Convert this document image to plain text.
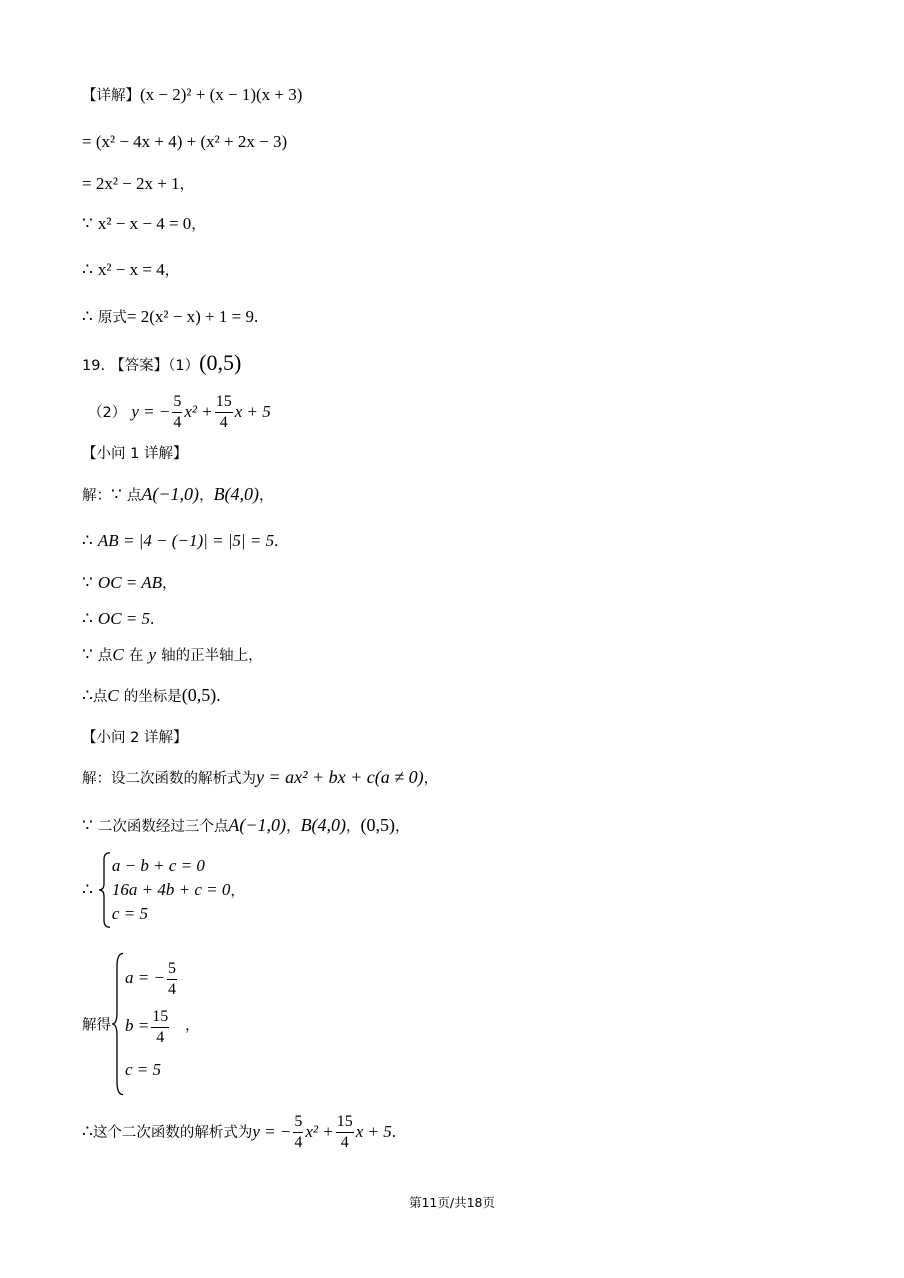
【详解】(x − 2)² + (x − 1)(x + 3)
= (x² − 4x + 4) + (x² + 2x − 3)
= 2x² − 2x + 1，
∵ x² − x − 4 = 0，
∴ x² − x = 4，
∴ 原式= 2(x² − x) + 1 = 9.
19. 【答案】（1）(0,5)
（2） y = − $\frac{5}{4} x^2 + \frac{15}{4}$ x + 5
【小问 1 详解】
解：∵ 点A(−1,0)，B(4,0)，
∴ AB = |4 − (−1)| = |5| = 5.
∵ OC = AB，
∴ OC = 5.
∵ 点C 在 y 轴的正半轴上，
∴点C 的坐标是(0,5).
【小问 2 详解】
解：设二次函数的解析式为y = ax² + bx + c(a ≠ 0)，
∵ 二次函数经过三个点A(−1,0)，B(4,0)，(0,5)，
∴
a − b + c = 0
16a + 4b + c = 0
c = 5
，
解得
a = − $\frac{5}{4}$
$b = \frac{15}{4}$
c = 5
，
∴这个二次函数的解析式为y = − $\frac{5}{4} x^2 + \frac{15}{4}$ x + 5.
第11页/共18页
